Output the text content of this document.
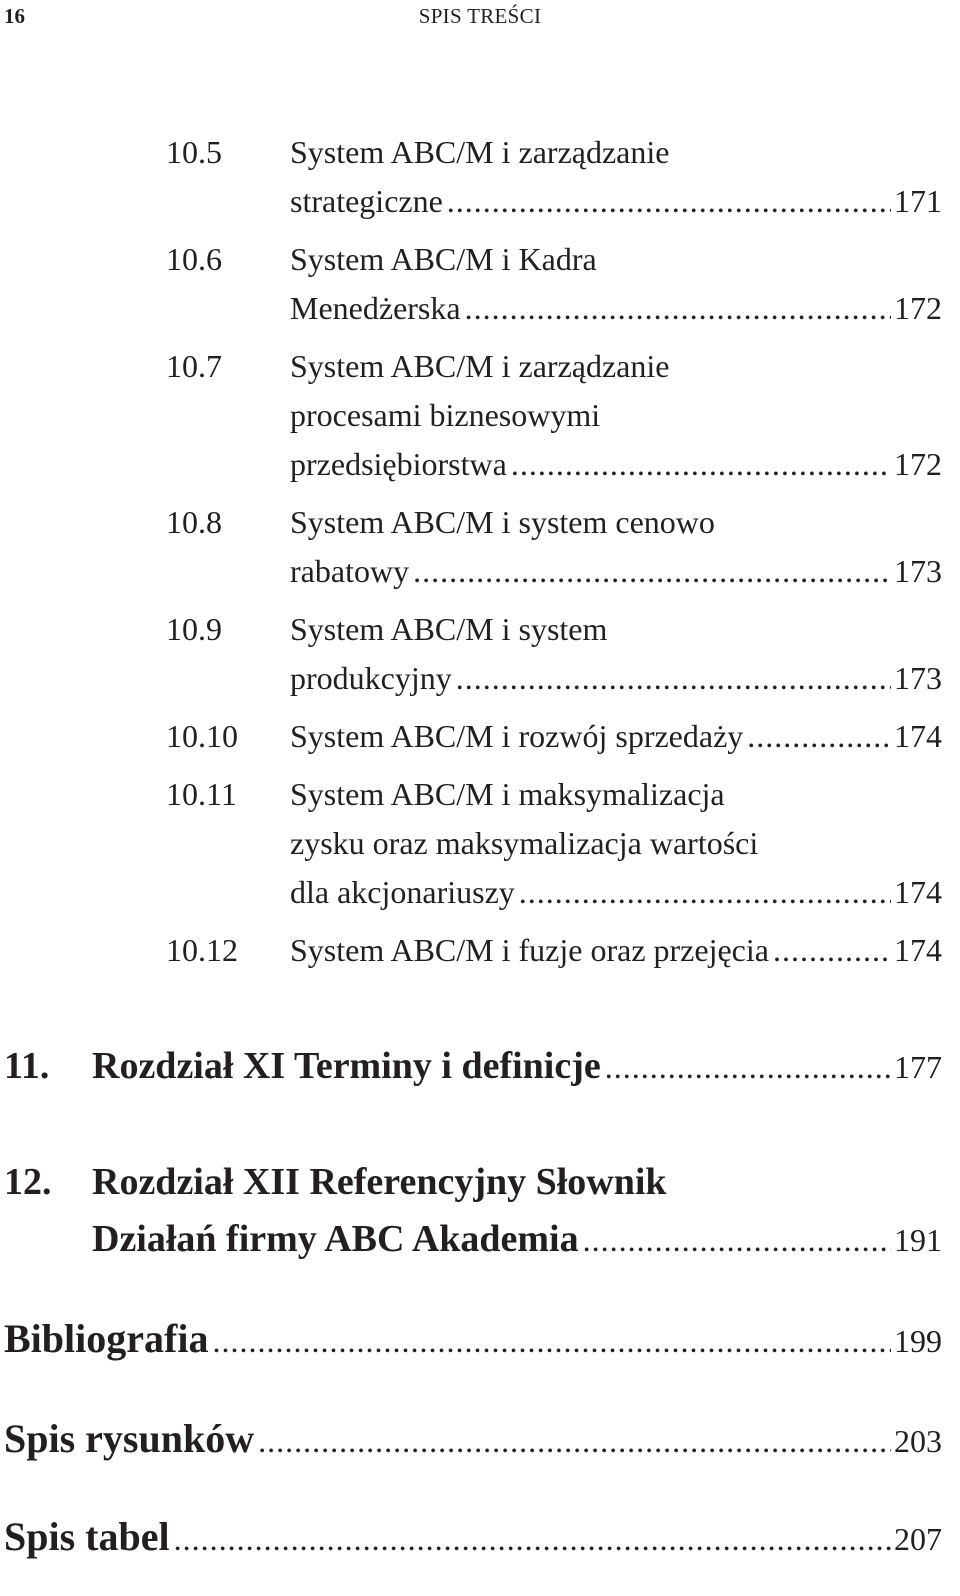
16	SPIS TREŚCI
10.5 System ABC/M i zarządzanie
strategiczne .....	171
10.6 System ABC/M i Kadra
Menedżerska .....	172
10.7 System ABC/M i zarządzanie
procesami biznesowymi
przedsiębiorstwa .....	172
10.8 System ABC/M i system cenowo
rabatowy .....	173
10.9 System ABC/M i system
produkcyjny .....	173
10.10 System ABC/M i rozwój sprzedaży .....	174
10.11 System ABC/M i maksymalizacja
zysku oraz maksymalizacja wartości
dla akcjonariuszy .....	174
10.12 System ABC/M i fuzje oraz przejęcia .....	174
11. Rozdział XI Terminy i definicje .....	177
12. Rozdział XII Referencyjny Słownik
Działań firmy ABC Akademia .....	191
Bibliografia .....	199
Spis rysunków .....	203
Spis tabel .....	207
